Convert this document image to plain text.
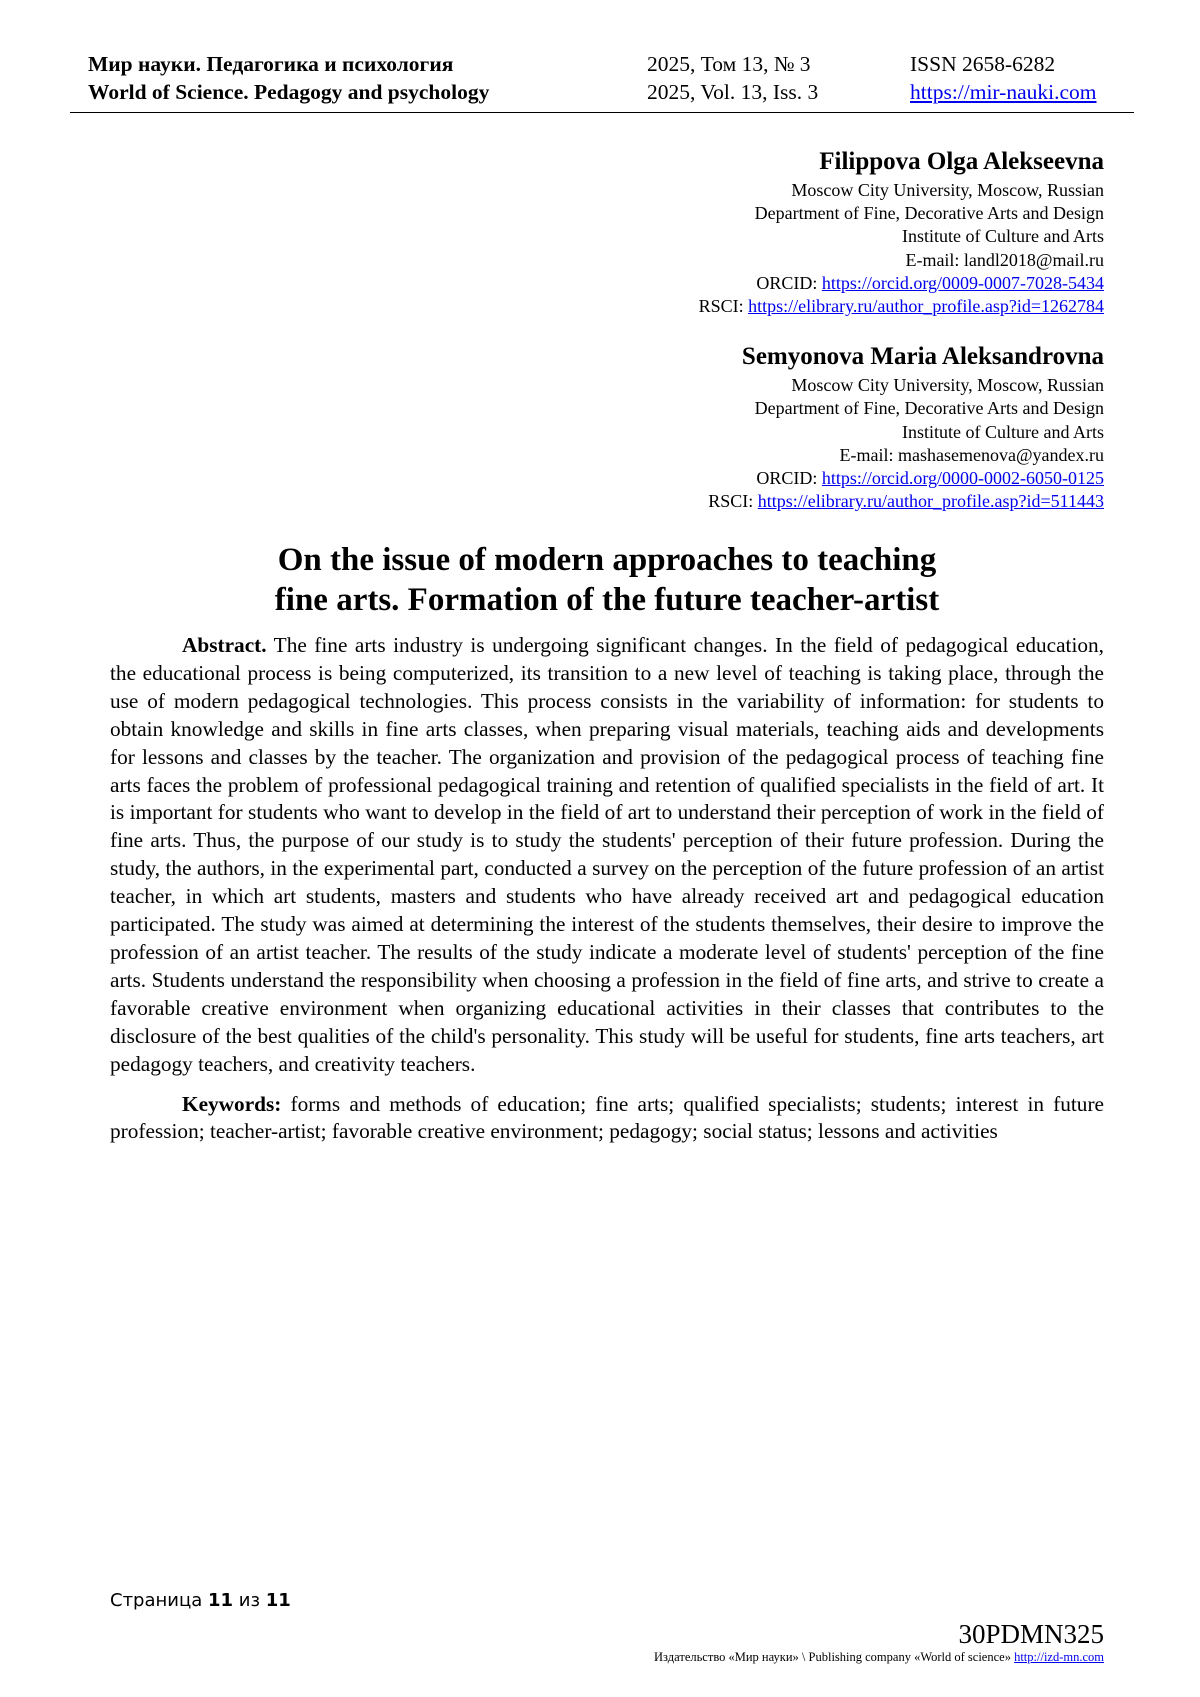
Мир науки. Педагогика и психология
World of Science. Pedagogy and psychology
2025, Том 13, № 3
2025, Vol. 13, Iss. 3
ISSN 2658-6282
https://mir-nauki.com
Filippova Olga Alekseevna
Moscow City University, Moscow, Russian
Department of Fine, Decorative Arts and Design
Institute of Culture and Arts
E-mail: landl2018@mail.ru
ORCID: https://orcid.org/0009-0007-7028-5434
RSCI: https://elibrary.ru/author_profile.asp?id=1262784
Semyonova Maria Aleksandrovna
Moscow City University, Moscow, Russian
Department of Fine, Decorative Arts and Design
Institute of Culture and Arts
E-mail: mashasemenova@yandex.ru
ORCID: https://orcid.org/0000-0002-6050-0125
RSCI: https://elibrary.ru/author_profile.asp?id=511443
On the issue of modern approaches to teaching
fine arts. Formation of the future teacher-artist

Abstract. The fine arts industry is undergoing significant changes. In the field of pedagogical education, the educational process is being computerized, its transition to a new level of teaching is taking place, through the use of modern pedagogical technologies. This process consists in the variability of information: for students to obtain knowledge and skills in fine arts classes, when preparing visual materials, teaching aids and developments for lessons and classes by the teacher. The organization and provision of the pedagogical process of teaching fine arts faces the problem of professional pedagogical training and retention of qualified specialists in the field of art. It is important for students who want to develop in the field of art to understand their perception of work in the field of fine arts. Thus, the purpose of our study is to study the students' perception of their future profession. During the study, the authors, in the experimental part, conducted a survey on the perception of the future profession of an artist teacher, in which art students, masters and students who have already received art and pedagogical education participated. The study was aimed at determining the interest of the students themselves, their desire to improve the profession of an artist teacher. The results of the study indicate a moderate level of students' perception of the fine arts. Students understand the responsibility when choosing a profession in the field of fine arts, and strive to create a favorable creative environment when organizing educational activities in their classes that contributes to the disclosure of the best qualities of the child's personality. This study will be useful for students, fine arts teachers, art pedagogy teachers, and creativity teachers.

Keywords: forms and methods of education; fine arts; qualified specialists; students; interest in future profession; teacher-artist; favorable creative environment; pedagogy; social status; lessons and activities

Страница 11 из 11
30PDMN325
Издательство «Мир науки» \ Publishing company «World of science» http://izd-mn.com
